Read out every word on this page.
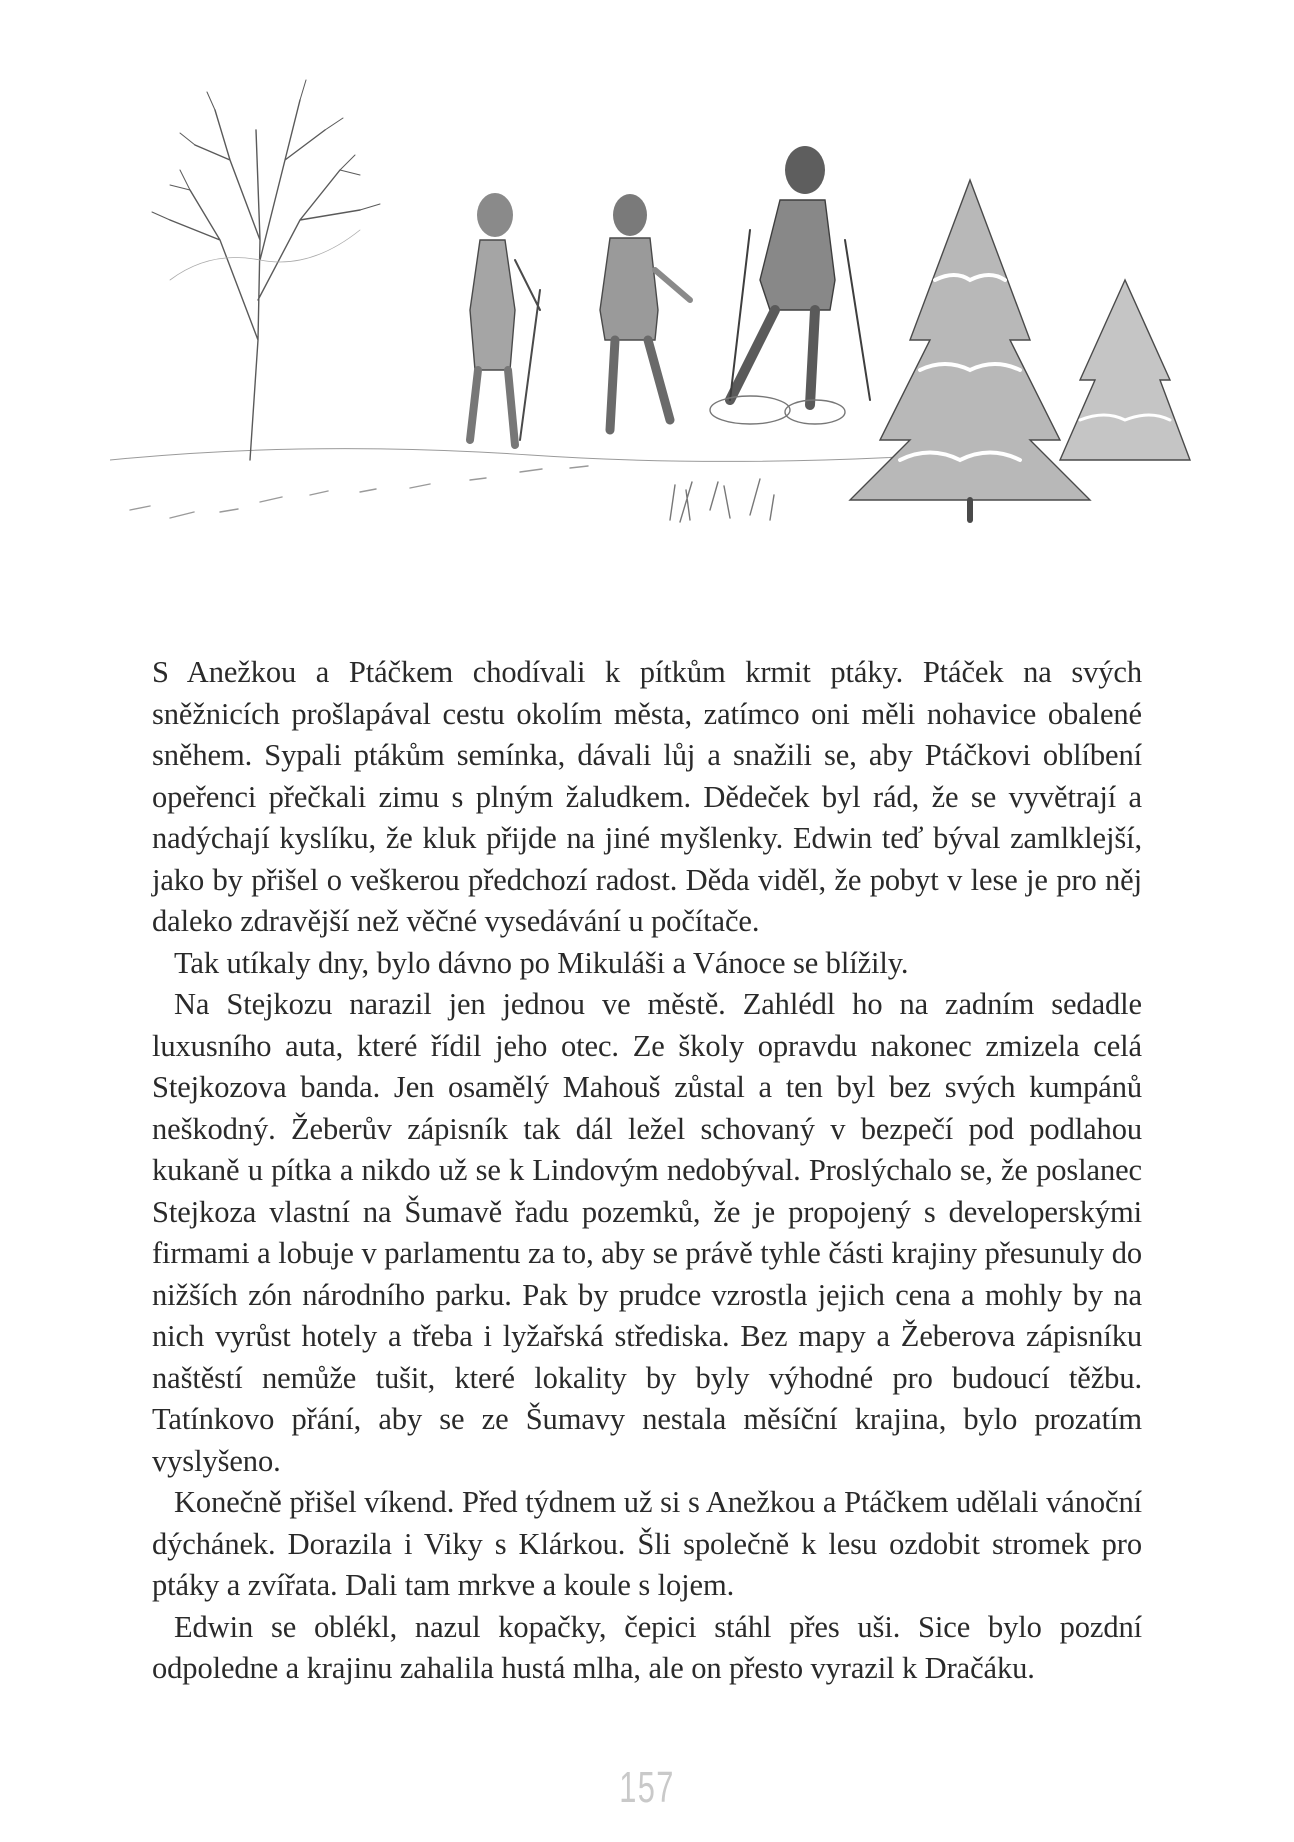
S Anežkou a Ptáčkem chodívali k pítkům krmit ptáky. Ptáček na svých sněžnicích prošlapával cestu okolím města, zatímco oni měli nohavice obalené sněhem. Sypali ptákům semínka, dávali lůj a snažili se, aby Ptáčkovi oblíbení opeřenci přečkali zimu s plným žaludkem. Dědeček byl rád, že se vyvětrají a nadýchají kyslíku, že kluk přijde na jiné myšlenky. Edwin teď býval zamlklejší, jako by přišel o veškerou předchozí radost. Děda viděl, že pobyt v lese je pro něj daleko zdravější než věčné vysedávání u počítače.

Tak utíkaly dny, bylo dávno po Mikuláši a Vánoce se blížily.

Na Stejkozu narazil jen jednou ve městě. Zahlédl ho na zadním sedadle luxusního auta, které řídil jeho otec. Ze školy opravdu nakonec zmizela celá Stejkozova banda. Jen osamělý Mahouš zůstal a ten byl bez svých kumpánů neškodný. Žeberův zápisník tak dál ležel schovaný v bezpečí pod podlahou kukaně u pítka a nikdo už se k Lindovým nedobýval. Proslýchalo se, že poslanec Stejkoza vlastní na Šumavě řadu pozemků, že je propojený s developerskými firmami a lobuje v parlamentu za to, aby se právě tyhle části krajiny přesunuly do nižších zón národního parku. Pak by prudce vzrostla jejich cena a mohly by na nich vyrůst hotely a třeba i lyžařská střediska. Bez mapy a Žeberova zápisníku naštěstí nemůže tušit, které lokality by byly výhodné pro budoucí těžbu. Tatínkovo přání, aby se ze Šumavy nestala měsíční krajina, bylo prozatím vyslyšeno.

Konečně přišel víkend. Před týdnem už si s Anežkou a Ptáčkem udělali vánoční dýchánek. Dorazila i Viky s Klárkou. Šli společně k lesu ozdobit stromek pro ptáky a zvířata. Dali tam mrkve a koule s lojem.

Edwin se oblékl, nazul kopačky, čepici stáhl přes uši. Sice bylo pozdní odpoledne a krajinu zahalila hustá mlha, ale on přesto vyrazil k Dračáku.

157
